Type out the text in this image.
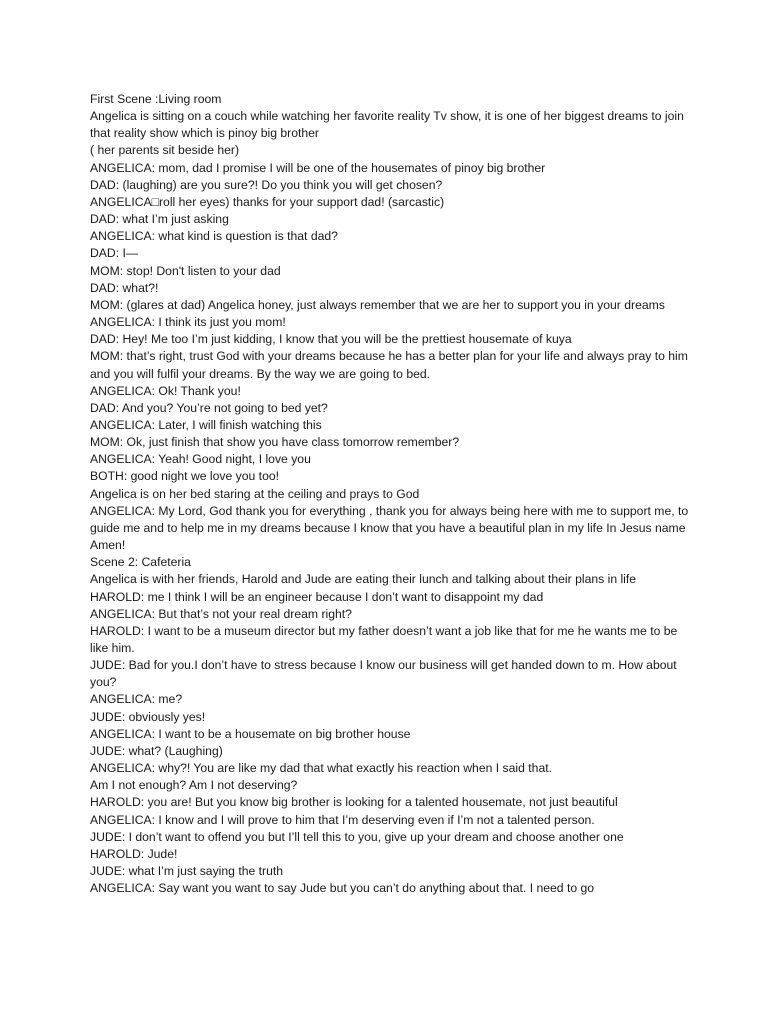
First Scene :Living room

Angelica is sitting on a couch while watching her favorite reality Tv show, it is one of her biggest dreams to join that reality show which is pinoy big brother

( her parents sit beside her)

ANGELICA: mom, dad I promise I will be one of the housemates of pinoy big brother

DAD: (laughing) are you sure?! Do you think you will get chosen?

ANGELICA□roll her eyes) thanks for your support dad! (sarcastic)

DAD: what I’m just asking

ANGELICA: what kind is question is that dad?

DAD: I—

MOM: stop! Don't listen to your dad

DAD: what?!

MOM: (glares at dad) Angelica honey, just always remember that we are her to support you in your dreams

ANGELICA: I think its just you mom!

DAD: Hey! Me too I’m just kidding, I know that you will be the prettiest housemate of kuya

MOM: that’s right, trust God with your dreams because he has a better plan for your life and always pray to him and you will fulfil your dreams. By the way we are going to bed.

ANGELICA: Ok! Thank you!

DAD: And you? You’re not going to bed yet?

ANGELICA: Later, I will finish watching this

MOM: Ok, just finish that show you have class tomorrow remember?

ANGELICA: Yeah! Good night, I love you

BOTH: good night we love you too!

Angelica is on her bed staring at the ceiling and prays to God

ANGELICA: My Lord, God thank you for everything , thank you for always being here with me to support me, to guide me and to help me in my dreams because I know that you have a beautiful plan in my life In Jesus name Amen!

Scene 2: Cafeteria

Angelica is with her friends, Harold and Jude are eating their lunch and talking about their plans in life

HAROLD: me I think I will be an engineer because I don’t want to disappoint my dad

ANGELICA: But that’s not your real dream right?

HAROLD: I want to be a museum director but my father doesn’t want a job like that for me he wants me to be like him.

JUDE: Bad for you.I don’t have to stress because I know our business will get handed down to m. How about you?

ANGELICA: me?

JUDE: obviously yes!

ANGELICA: I want to be a housemate on big brother house

JUDE: what? (Laughing)

ANGELICA: why?! You are like my dad that what exactly his reaction when I said that.

Am I not enough? Am I not deserving?

HAROLD: you are! But you know big brother is looking for a talented housemate, not just beautiful

ANGELICA: I know and I will prove to him that I’m deserving even if I’m not a talented person.

JUDE: I don’t want to offend you but I’ll tell this to you, give up your dream and choose another one

HAROLD: Jude!

JUDE: what I’m just saying the truth

ANGELICA: Say want you want to say Jude but you can’t do anything about that. I need to go
